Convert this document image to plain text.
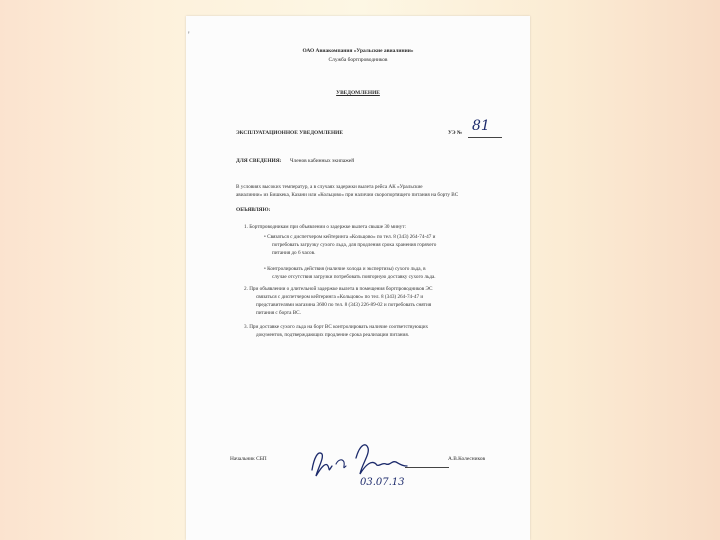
'
ОАО Авиакомпания «Уральские авиалинии»
Служба бортпроводников
УВЕДОМЛЕНИЕ
ЭКСПЛУАТАЦИОННОЕ УВЕДОМЛЕНИЕ	УЭ № 81
ДЛЯ СВЕДЕНИЯ: Членов кабинных экипажей
В условиях высоких температур, а в случаях задержки вылета рейса АК «Уральские
авиалинии» из Бишкека, Казани или «Кольцово» при наличии скоропортящего питания на борту ВС
ОБЪЯВЛЯЮ:
1. Бортпроводникам при объявлении о задержке вылета свыше 30 минут:
• Связаться с диспетчером кейтеринга «Кольцово» по тел. 8 (343) 264-74-47 и
потребовать загрузку сухого льда, для продления срока хранения горячего
питания до 6 часов.
• Контролировать действия (наличие холода и экспертизы) сухого льда, в
случае отсутствия загрузки потребовать повторную доставку сухого льда.
2. При объявлении о длительной задержке вылета в помещения бортпроводников ЭС
связаться с диспетчером кейтеринга «Кольцово» по тел. 8 (343) 264-74-47 и
представителями магазина 3600 по тел. 8 (343) 226-89-02 и потребовать снятия
питания с борта ВС.
3. При доставке сухого льда на борт ВС контролировать наличие соответствующих
документов, подтверждающих продление срока реализации питания.
Начальник СБП	А.В.Колесников
03.07.13
